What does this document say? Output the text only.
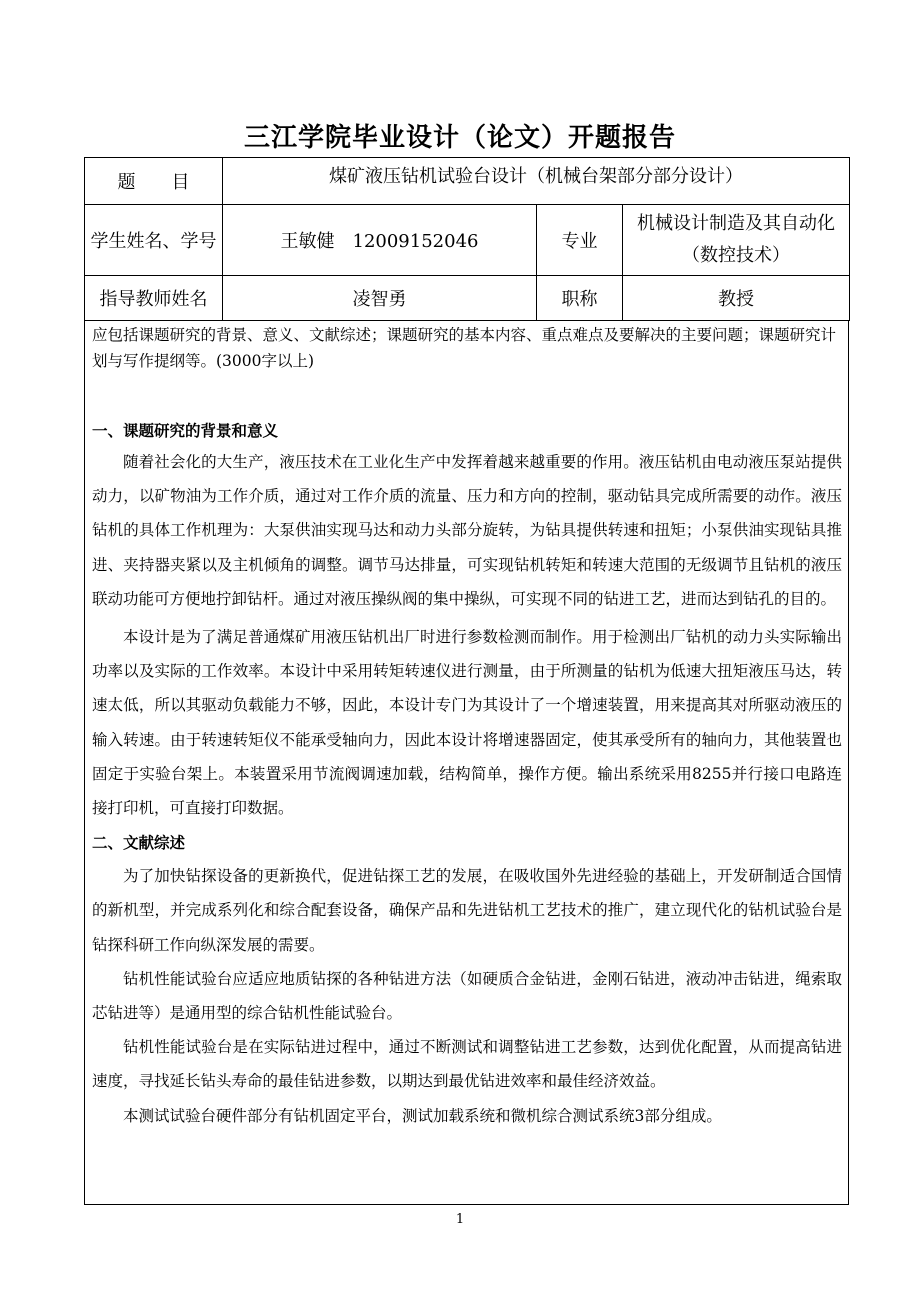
三江学院毕业设计（论文）开题报告
题　　目	煤矿液压钻机试验台设计（机械台架部分部分设计）		
学生姓名、学号	王敏健　12009152046	专业	机械设计制造及其自动化
（数控技术）

指导教师姓名	凌智勇	职称	教授

应包括课题研究的背景、意义、文献综述；课题研究的基本内容、重点难点及要解决的主要问题；课题研究计划与写作提纲等。(3000字以上)

一、课题研究的背景和意义

随着社会化的大生产，液压技术在工业化生产中发挥着越来越重要的作用。液压钻机由电动液压泵站提供动力，以矿物油为工作介质，通过对工作介质的流量、压力和方向的控制，驱动钻具完成所需要的动作。液压钻机的具体工作机理为：大泵供油实现马达和动力头部分旋转，为钻具提供转速和扭矩；小泵供油实现钻具推进、夹持器夹紧以及主机倾角的调整。调节马达排量，可实现钻机转矩和转速大范围的无级调节且钻机的液压联动功能可方便地拧卸钻杆。通过对液压操纵阀的集中操纵，可实现不同的钻进工艺，进而达到钻孔的目的。

本设计是为了满足普通煤矿用液压钻机出厂时进行参数检测而制作。用于检测出厂钻机的动力头实际输出功率以及实际的工作效率。本设计中采用转矩转速仪进行测量，由于所测量的钻机为低速大扭矩液压马达，转速太低，所以其驱动负载能力不够，因此，本设计专门为其设计了一个增速装置，用来提高其对所驱动液压的输入转速。由于转速转矩仪不能承受轴向力，因此本设计将增速器固定，使其承受所有的轴向力，其他装置也固定于实验台架上。本装置采用节流阀调速加载，结构简单，操作方便。输出系统采用8255并行接口电路连接打印机，可直接打印数据。

二、文献综述

为了加快钻探设备的更新换代，促进钻探工艺的发展，在吸收国外先进经验的基础上，开发研制适合国情的新机型，并完成系列化和综合配套设备，确保产品和先进钻机工艺技术的推广，建立现代化的钻机试验台是钻探科研工作向纵深发展的需要。

钻机性能试验台应适应地质钻探的各种钻进方法（如硬质合金钻进，金刚石钻进，液动冲击钻进，绳索取芯钻进等）是通用型的综合钻机性能试验台。

钻机性能试验台是在实际钻进过程中，通过不断测试和调整钻进工艺参数，达到优化配置，从而提高钻进速度，寻找延长钻头寿命的最佳钻进参数，以期达到最优钻进效率和最佳经济效益。

本测试试验台硬件部分有钻机固定平台，测试加载系统和微机综合测试系统3部分组成。

1
